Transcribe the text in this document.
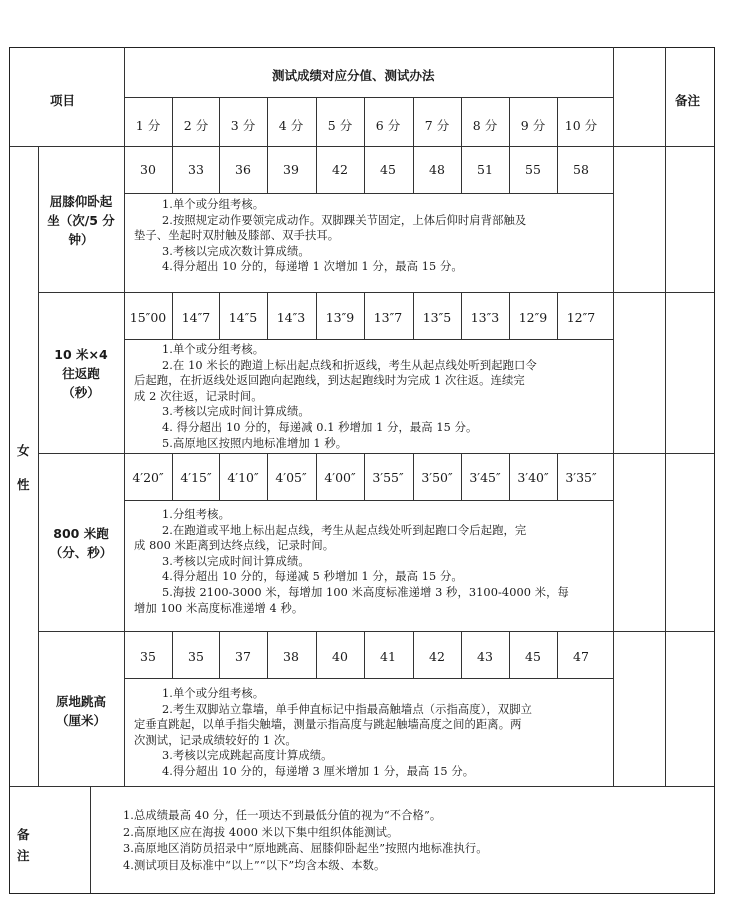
项目
测试成绩对应分值、测试办法
备注
1 分	2 分	3 分	4 分	5 分	6 分	7 分	8 分	9 分	10 分
女
性
屈膝仰卧起
坐（次/5 分
钟）
30	33	36	39	42	45	48	51	55	58
1.单个或分组考核。
2.按照规定动作要领完成动作。双脚踝关节固定，上体后仰时肩背部触及
垫子、坐起时双肘触及膝部、双手扶耳。
3.考核以完成次数计算成绩。
4.得分超出 10 分的，每递增 1 次增加 1 分，最高 15 分。
10 米×4
往返跑
（秒）
15″00	14″7	14″5	14″3	13″9	13″7	13″5	13″3	12″9	12″7
1.单个或分组考核。
2.在 10 米长的跑道上标出起点线和折返线，考生从起点线处听到起跑口令
后起跑，在折返线处返回跑向起跑线，到达起跑线时为完成 1 次往返。连续完
成 2 次往返，记录时间。
3.考核以完成时间计算成绩。
4. 得分超出 10 分的，每递减 0.1 秒增加 1 分，最高 15 分。
5.高原地区按照内地标准增加 1 秒。
800 米跑
（分、秒）
4′20″	4′15″	4′10″	4′05″	4′00″	3′55″	3′50″	3′45″	3′40″	3′35″
1.分组考核。
2.在跑道或平地上标出起点线，考生从起点线处听到起跑口令后起跑，完
成 800 米距离到达终点线，记录时间。
3.考核以完成时间计算成绩。
4.得分超出 10 分的，每递减 5 秒增加 1 分，最高 15 分。
5.海拔 2100-3000 米，每增加 100 米高度标准递增 3 秒，3100-4000 米，每
增加 100 米高度标准递增 4 秒。
原地跳高
（厘米）
35	35	37	38	40	41	42	43	45	47
1.单个或分组考核。
2.考生双脚站立靠墙，单手伸直标记中指最高触墙点（示指高度），双脚立
定垂直跳起，以单手指尖触墙，测量示指高度与跳起触墙高度之间的距离。两
次测试，记录成绩较好的 1 次。
3.考核以完成跳起高度计算成绩。
4.得分超出 10 分的，每递增 3 厘米增加 1 分，最高 15 分。
备
注
1.总成绩最高 40 分，任一项达不到最低分值的视为“不合格”。
2.高原地区应在海拔 4000 米以下集中组织体能测试。
3.高原地区消防员招录中“原地跳高、屈膝仰卧起坐”按照内地标准执行。
4.测试项目及标准中“以上”“以下”均含本级、本数。
